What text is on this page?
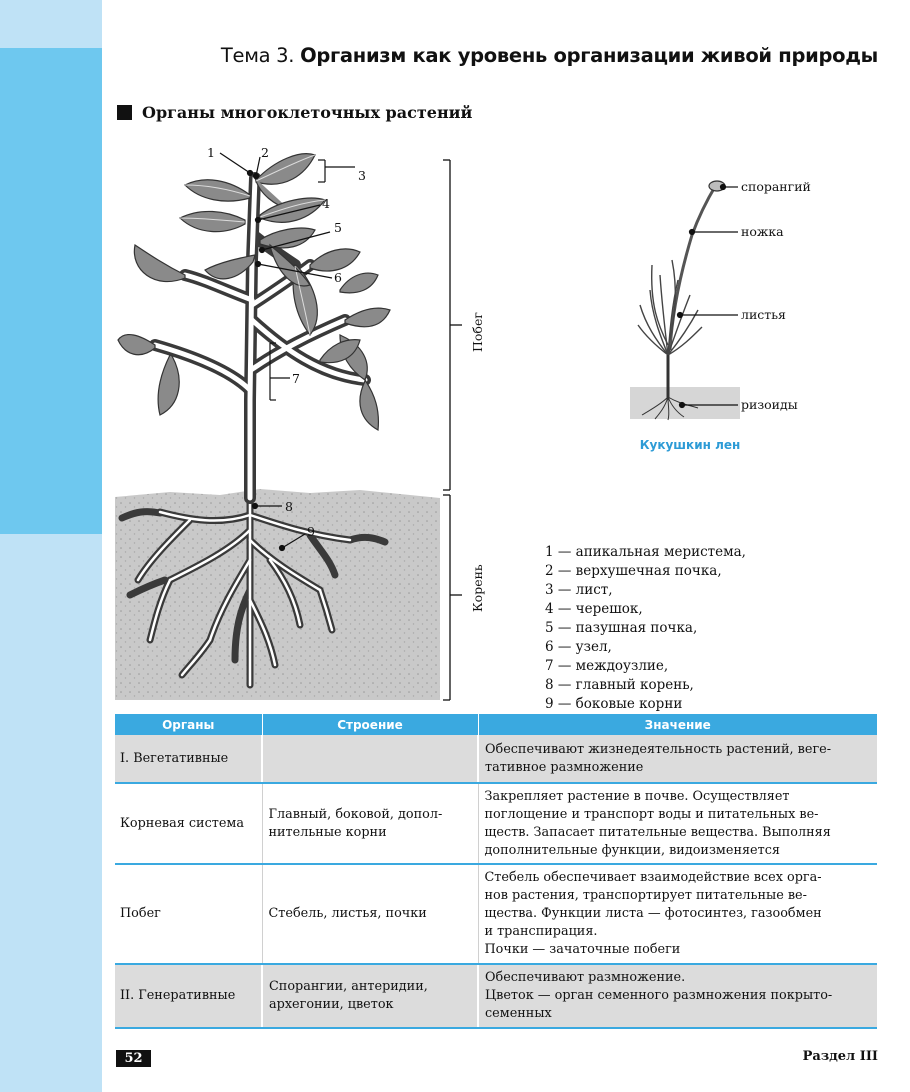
Тема 3. Организм как уровень организации живой природы
Органы многоклеточных растений
1	2
3
4
5
6
7
8
9
Побег
Корень
спорангий
ножка
листья
ризоиды
Кукушкин лен
1 — апикальная меристема,
2 — верхушечная почка,
3 — лист,
4 — черешок,
5 — пазушная почка,
6 — узел,
7 — междоузлие,
8 — главный корень,
9 — боковые корни
Органы	Строение	Значение
I. Вегетативные		Обеспечивают жизнедеятельность растений, веге-
тативное размножение

Корневая система	Главный, боковой, допол-
нительные корни	Закрепляет растение в почве. Осуществляет
поглощение и транспорт воды и питательных ве-
ществ. Запасает питательные вещества. Выполняя
дополнительные функции, видоизменяется

Побег	Стебель, листья, почки	Стебель обеспечивает взаимодействие всех орга-
нов растения, транспортирует питательные ве-
щества. Функции листа — фотосинтез, газообмен
и транспирация.
Почки — зачаточные побеги

II. Генеративные	Спорангии, антеридии,
архегонии, цветок	Обеспечивают размножение.
Цветок — орган семенного размножения покрыто-
семенных
52	Раздел III
